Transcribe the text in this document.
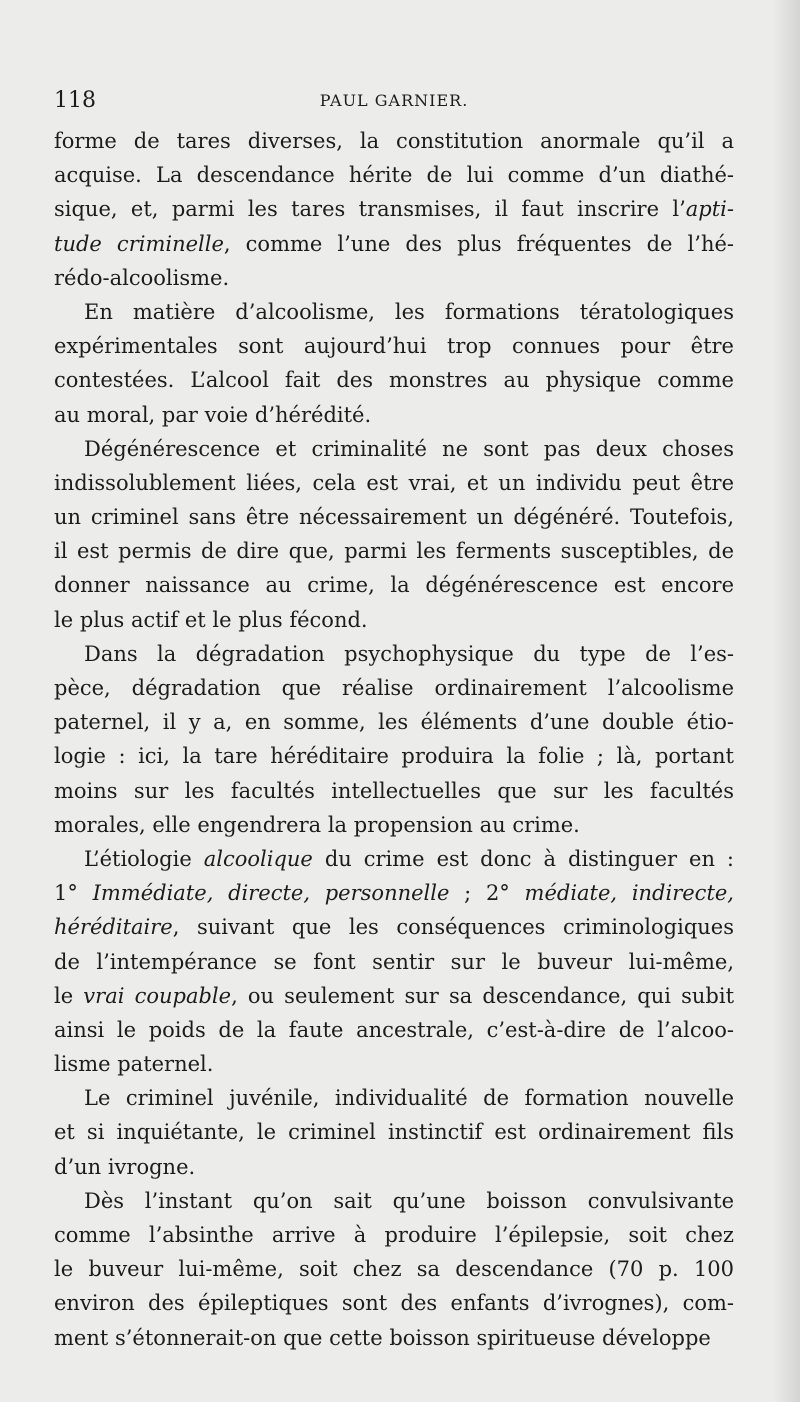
118	PAUL GARNIER.
forme de tares diverses, la constitution anormale qu’il a
acquise. La descendance hérite de lui comme d’un diathé-
sique, et, parmi les tares transmises, il faut inscrire l’apti-
tude criminelle, comme l’une des plus fréquentes de l’hé-
rédo-alcoolisme.
En matière d’alcoolisme, les formations tératologiques
expérimentales sont aujourd’hui trop connues pour être
contestées. L’alcool fait des monstres au physique comme
au moral, par voie d’hérédité.
Dégénérescence et criminalité ne sont pas deux choses
indissolublement liées, cela est vrai, et un individu peut être
un criminel sans être nécessairement un dégénéré. Toutefois,
il est permis de dire que, parmi les ferments susceptibles, de
donner naissance au crime, la dégénérescence est encore
le plus actif et le plus fécond.
Dans la dégradation psychophysique du type de l’es-
pèce, dégradation que réalise ordinairement l’alcoolisme
paternel, il y a, en somme, les éléments d’une double étio-
logie : ici, la tare héréditaire produira la folie ; là, portant
moins sur les facultés intellectuelles que sur les facultés
morales, elle engendrera la propension au crime.
L’étiologie alcoolique du crime est donc à distinguer en :
1° Immédiate, directe, personnelle ; 2° médiate, indirecte,
héréditaire, suivant que les conséquences criminologiques
de l’intempérance se font sentir sur le buveur lui-même,
le vrai coupable, ou seulement sur sa descendance, qui subit
ainsi le poids de la faute ancestrale, c’est-à-dire de l’alcoo-
lisme paternel.
Le criminel juvénile, individualité de formation nouvelle
et si inquiétante, le criminel instinctif est ordinairement fils
d’un ivrogne.
Dès l’instant qu’on sait qu’une boisson convulsivante
comme l’absinthe arrive à produire l’épilepsie, soit chez
le buveur lui-même, soit chez sa descendance (70 p. 100
environ des épileptiques sont des enfants d’ivrognes), com-
ment s’étonnerait-on que cette boisson spiritueuse développe
